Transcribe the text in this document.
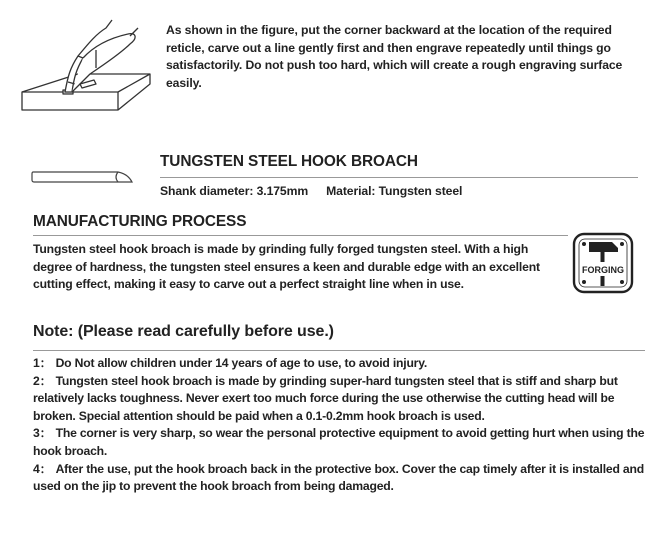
As shown in the figure, put the corner backward at the location of the required reticle, carve out a line gently first and then engrave repeatedly until things go satisfactorily. Do not push too hard, which will create a rough engraving surface easily.
TUNGSTEN STEEL HOOK BROACH
Shank diameter: 3.175mm Material: Tungsten steel
MANUFACTURING PROCESS
Tungsten steel hook broach is made by grinding fully forged tungsten steel. With a high degree of hardness, the tungsten steel ensures a keen and durable edge with an excellent cutting effect, making it easy to carve out a perfect straight line when in use.
FORGING
Note: (Please read carefully before use.)
1： Do Not allow children under 14 years of age to use, to avoid injury.
2： Tungsten steel hook broach is made by grinding super-hard tungsten steel that is stiff and sharp but relatively lacks toughness. Never exert too much force during the use otherwise the cutting head will be broken. Special attention should be paid when a 0.1-0.2mm hook broach is used.
3： The corner is very sharp, so wear the personal protective equipment to avoid getting hurt when using the hook broach.
4： After the use, put the hook broach back in the protective box. Cover the cap timely after it is installed and used on the jip to prevent the hook broach from being damaged.
